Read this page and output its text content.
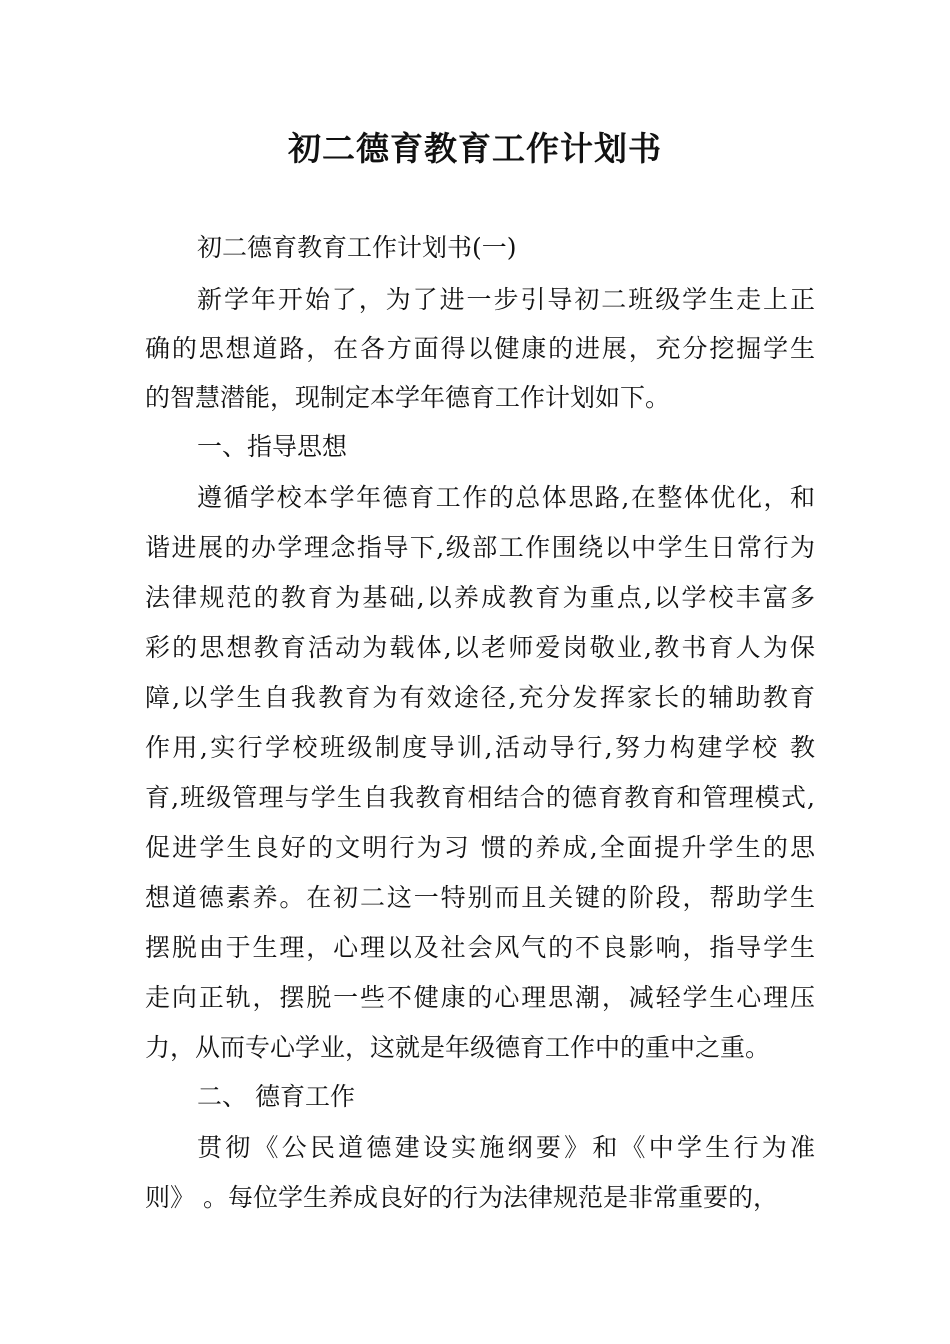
初二德育教育工作计划书

初二德育教育工作计划书(一)

新学年开始了，为了进一步引导初二班级学生走上正

确的思想道路，在各方面得以健康的进展，充分挖掘学生

的智慧潜能，现制定本学年德育工作计划如下。

一、指导思想

遵循学校本学年德育工作的总体思路,在整体优化，和

谐进展的办学理念指导下,级部工作围绕以中学生日常行为

法律规范的教育为基础,以养成教育为重点,以学校丰富多

彩的思想教育活动为载体,以老师爱岗敬业,教书育人为保

障,以学生自我教育为有效途径,充分发挥家长的辅助教育

作用,实行学校班级制度导训,活动导行,努力构建学校 教

育,班级管理与学生自我教育相结合的德育教育和管理模式,

促进学生良好的文明行为习 惯的养成,全面提升学生的思

想道德素养。在初二这一特别而且关键的阶段，帮助学生

摆脱由于生理，心理以及社会风气的不良影响，指导学生

走向正轨，摆脱一些不健康的心理思潮，减轻学生心理压

力，从而专心学业，这就是年级德育工作中的重中之重。

二、 德育工作

贯彻《公民道德建设实施纲要》和《中学生行为准

则》 。每位学生养成良好的行为法律规范是非常重要的，
